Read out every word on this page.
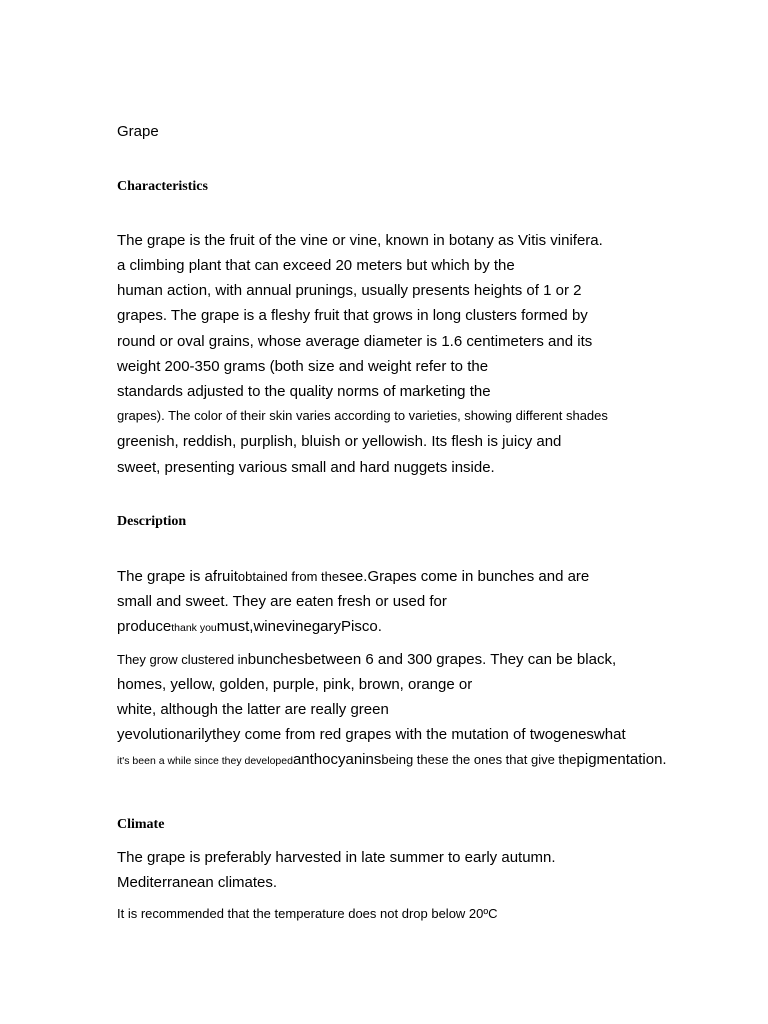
Grape
Characteristics
The grape is the fruit of the vine or vine, known in botany as Vitis vinifera.
a climbing plant that can exceed 20 meters but which by the
human action, with annual prunings, usually presents heights of 1 or 2
grapes. The grape is a fleshy fruit that grows in long clusters formed by
round or oval grains, whose average diameter is 1.6 centimeters and its
weight 200-350 grams (both size and weight refer to the
standards adjusted to the quality norms of marketing the
grapes). The color of their skin varies according to varieties, showing different shades
greenish, reddish, purplish, bluish or yellowish. Its flesh is juicy and
sweet, presenting various small and hard nuggets inside.
Description
The grape is afruitobtained from thesee.Grapes come in bunches and are
small and sweet. They are eaten fresh or used for
producethank youmust,winevinegaryPisco.
They grow clustered inbunchesbetween 6 and 300 grapes. They can be black,
homes, yellow, golden, purple, pink, brown, orange or
white, although the latter are really green
yevolutionarilythey come from red grapes with the mutation of twogeneswhat
it's been a while since they developedanthocyaninsbeing these the ones that give thepigmentation.
Climate
The grape is preferably harvested in late summer to early autumn.
Mediterranean climates.
It is recommended that the temperature does not drop below 20ºC
